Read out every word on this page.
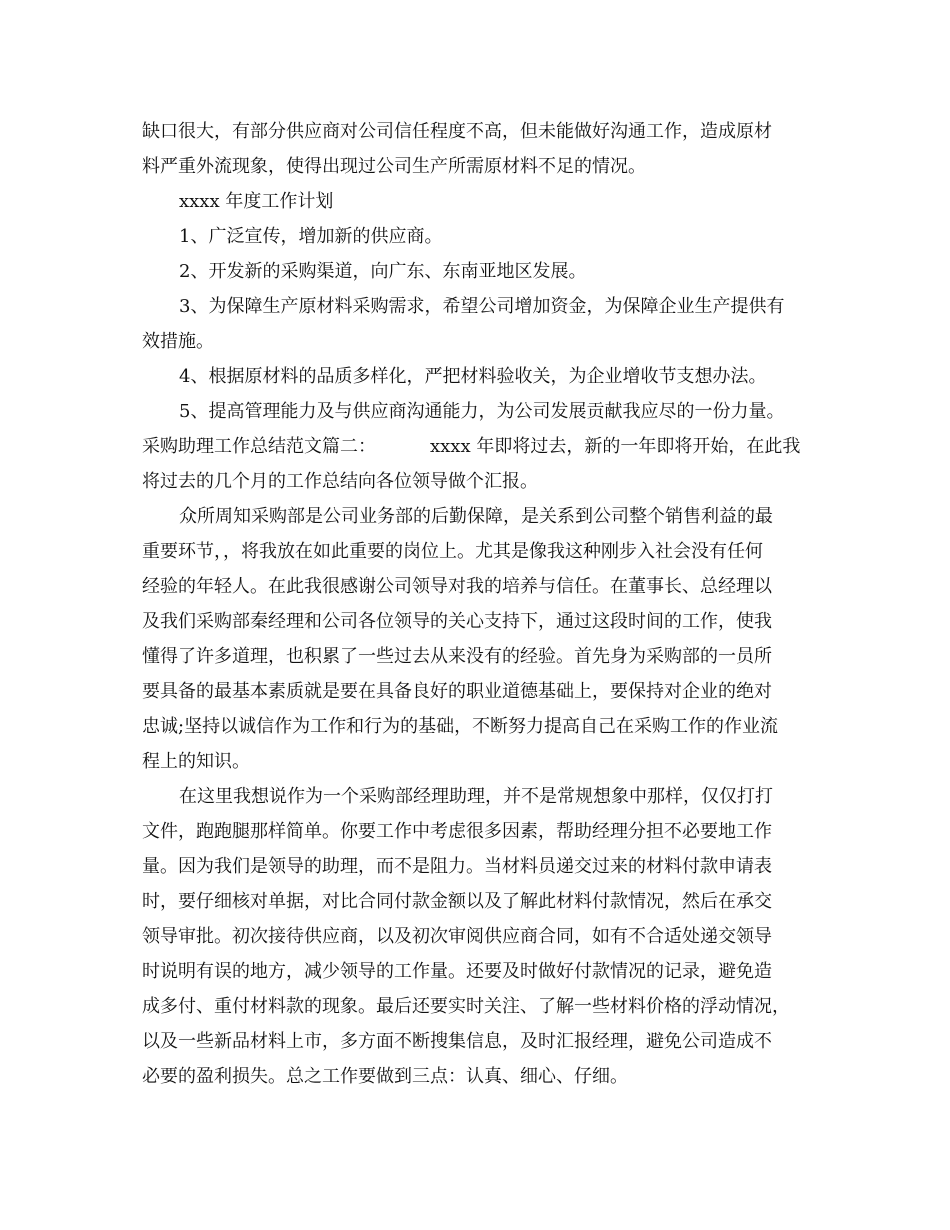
缺口很大，有部分供应商对公司信任程度不高，但未能做好沟通工作，造成原材
料严重外流现象，使得出现过公司生产所需原材料不足的情况。
xxxx 年度工作计划
1、广泛宣传，增加新的供应商。
2、开发新的采购渠道，向广东、东南亚地区发展。
3、为保障生产原材料采购需求，希望公司增加资金，为保障企业生产提供有
效措施。
4、根据原材料的品质多样化，严把材料验收关，为企业增收节支想办法。
5、提高管理能力及与供应商沟通能力，为公司发展贡献我应尽的一份力量。
采购助理工作总结范文篇二：	xxxx 年即将过去，新的一年即将开始，在此我
将过去的几个月的工作总结向各位领导做个汇报。
众所周知采购部是公司业务部的后勤保障，是关系到公司整个销售利益的最
重要环节，，将我放在如此重要的岗位上。尤其是像我这种刚步入社会没有任何
经验的年轻人。在此我很感谢公司领导对我的培养与信任。在董事长、总经理以
及我们采购部秦经理和公司各位领导的关心支持下，通过这段时间的工作，使我
懂得了许多道理，也积累了一些过去从来没有的经验。首先身为采购部的一员所
要具备的最基本素质就是要在具备良好的职业道德基础上，要保持对企业的绝对
忠诚;坚持以诚信作为工作和行为的基础，不断努力提高自己在采购工作的作业流
程上的知识。
在这里我想说作为一个采购部经理助理，并不是常规想象中那样，仅仅打打
文件，跑跑腿那样简单。你要工作中考虑很多因素，帮助经理分担不必要地工作
量。因为我们是领导的助理，而不是阻力。当材料员递交过来的材料付款申请表
时，要仔细核对单据，对比合同付款金额以及了解此材料付款情况，然后在承交
领导审批。初次接待供应商，以及初次审阅供应商合同，如有不合适处递交领导
时说明有误的地方，减少领导的工作量。还要及时做好付款情况的记录，避免造
成多付、重付材料款的现象。最后还要实时关注、了解一些材料价格的浮动情况，
以及一些新品材料上市，多方面不断搜集信息，及时汇报经理，避免公司造成不
必要的盈利损失。总之工作要做到三点：认真、细心、仔细。
